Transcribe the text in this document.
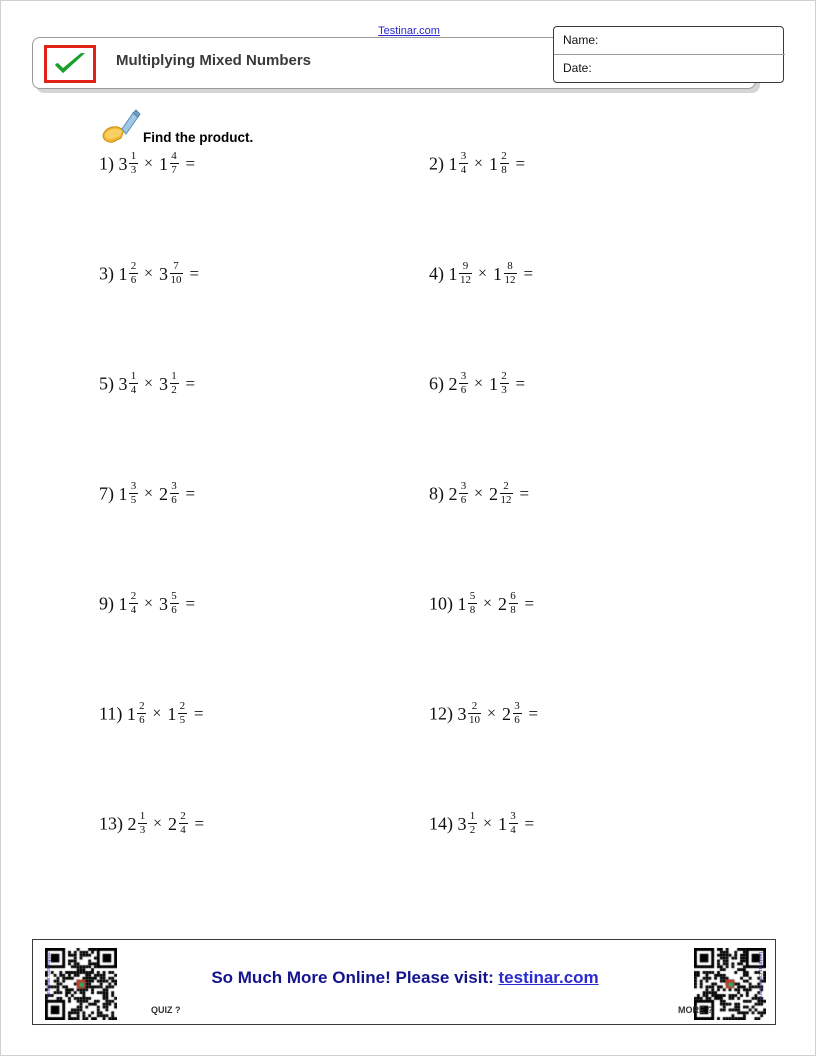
Testinar.com
Multiplying Mixed Numbers
Name:
Date:
Find the product.
1) $3 \frac{1}{3} \times 1 \frac{4}{7}$ =	2) $1 \frac{3}{4} \times 1 \frac{2}{8}$ =
3) $1 \frac{2}{6} \times 3 \frac{7}{10}$ =	4) $1 \frac{9}{12} \times 1 \frac{8}{12}$ =
5) $3 \frac{1}{4} \times 3 \frac{1}{2}$ =	6) $2 \frac{3}{6} \times 1 \frac{2}{3}$ =
7) $1 \frac{3}{5} \times 2 \frac{3}{6}$ =	8) $2 \frac{3}{6} \times 2 \frac{2}{12}$ =
9) $1 \frac{2}{4} \times 3 \frac{5}{6}$ =	10) $1 \frac{5}{8} \times 2 \frac{6}{8}$ =
11) $1 \frac{2}{6} \times 1 \frac{2}{5}$ =	12) $3 \frac{2}{10} \times 2 \frac{3}{6}$ =
13) $2 \frac{1}{3} \times 2 \frac{2}{4}$ =	14) $3 \frac{1}{2} \times 1 \frac{3}{4}$ =
testinar.com/quiz	testinar.com/more
So Much More Online! Please visit: testinar.com
QUIZ ?	MORE ?
